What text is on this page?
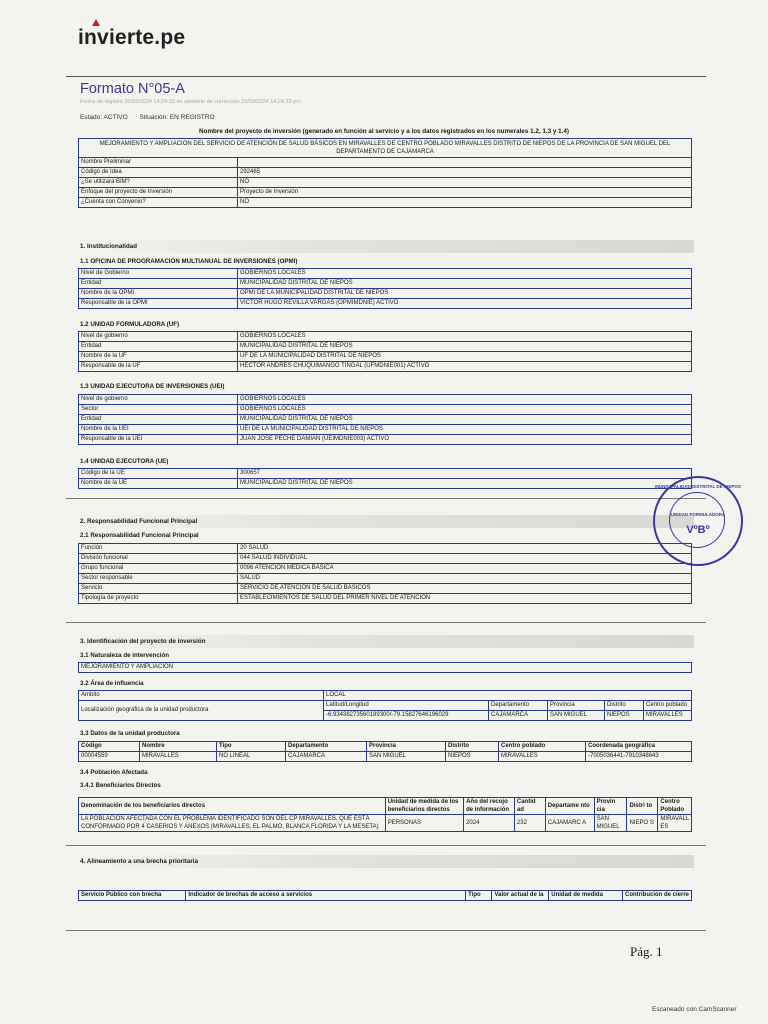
invierte.pe
Formato N°05-A
Fecha de registro 25/03/2024 14:24:33 en adelante de corrección 25/03/2024 14:24:33 pm
Estado: ACTIVO Situación: EN REGISTRO
Nombre del proyecto de inversión (generado en función al servicio y a los datos registrados en los numerales 1.2, 1.3 y 1.4)
MEJORAMIENTO Y AMPLIACION DEL SERVICIO DE ATENCIÓN DE SALUD BÁSICOS EN MIRAVALLES DE CENTRO POBLADO MIRAVALLES DISTRITO DE NIEPOS DE LA PROVINCIA DE SAN MIGUEL DEL DEPARTAMENTO DE CAJAMARCA	
Nombre Preliminar	
Código de Idea	292465
¿Se utilizará BIM?	NO
Enfoque del proyecto de Inversión	Proyecto de Inversión
¿Cuenta con Convenio?	NO
1. Institucionalidad
1.1 OFICINA DE PROGRAMACIÓN MULTIANUAL DE INVERSIONES (OPMI)
Nivel de Gobierno	GOBIERNOS LOCALES
Entidad	MUNICIPALIDAD DISTRITAL DE NIEPOS
Nombre de la OPMI	OPMI DE LA MUNICIPALIDAD DISTRITAL DE NIEPOS
Responsable de la OPMI	VICTOR HUGO REVILLA VARGAS (OPMIMDNIE) ACTIVO
1.2 UNIDAD FORMULADORA (UF)
Nivel de gobierno	GOBIERNOS LOCALES
Entidad	MUNICIPALIDAD DISTRITAL DE NIEPOS
Nombre de la UF	UF DE LA MUNICIPALIDAD DISTRITAL DE NIEPOS
Responsable de la UF	HÉCTOR ANDRÉS CHUQUIMANGO TINGAL (UFMDNIE001) ACTIVO
1.3 UNIDAD EJECUTORA DE INVERSIONES (UEI)
Nivel de gobierno	GOBIERNOS LOCALES
Sector	GOBIERNOS LOCALES
Entidad	MUNICIPALIDAD DISTRITAL DE NIEPOS
Nombre de la UEI	UEI DE LA MUNICIPALIDAD DISTRITAL DE NIEPOS
Responsable de la UEI	JUAN JOSE PECHE DAMIAN (UEIMDNIE003) ACTIVO
1.4 UNIDAD EJECUTORA (UE)
Código de la UE	300657
Nombre de la UE	MUNICIPALIDAD DISTRITAL DE NIEPOS
2. Responsabilidad Funcional Principal
2.1 Responsabilidad Funcional Principal
Función	20 SALUD
División funcional	044 SALUD INDIVIDUAL
Grupo funcional	0096 ATENCIÓN MÉDICA BÁSICA
Sector responsable	SALUD
Servicio	SERVICIO DE ATENCIÓN DE SALUD BÁSICOS
Tipología de proyecto	ESTABLECIMIENTOS DE SALUD DEL PRIMER NIVEL DE ATENCIÓN
3. Identificación del proyecto de inversión
3.1 Naturaleza de intervención
MEJORAMIENTO Y AMPLIACION
3.2 Área de influencia
Ambito	LOCAL				
Localización geográfica de la unidad productora	Latitud/Longitud	Departamento	Provincia	Distrito	Centro poblado
	-6.93438273560189300/-79.15827646196029	CAJAMARCA	SAN MIGUEL	NIEPOS	MIRAVALLES
3.3 Datos de la unidad productora
Código	Nombre	Tipo	Departamento	Provincia	Distrito	Centro poblado	Coordenada geográfica
00004559	MIRAVALLES	NO LINEAL	CAJAMARCA	SAN MIGUEL	NIEPOS	MIRAVALLES	-7005036441-7910348643
3.4 Población Afectada
3.4.1 Beneficiarios Directos
Denominación de los beneficiarios directos	Unidad de medida de los beneficiarios directos	Año del recojo de información	Cantid ad	Departame nto	Provin cia	Distri to	Centro Poblado
LA POBLACIÓN AFECTADA CON EL PROBLEMA IDENTIFICADO SON DEL CP MIRAVALLES, QUE ESTÁ CONFORMADO POR 4 CASERIOS Y ANEXOS (MIRAVALLES, EL PALMO, BLANCA FLORIDA Y LA MESETA)	PERSONAS	2024	232	CAJAMARC A	SAN MIGUEL	NIEPO S	MIRAVALL ES
4. Alineamiento a una brecha prioritaria
Servicio Público con brecha	Indicador de brechas de acceso a servicios	Tipo	Valor actual de la	Unidad de medida	Contribución de cierre
MUNICIPALIDAD DISTRITAL DE NIEPOS
UNIDAD FORMULADORA
VºBº
Pág. 1
Escaneado con CamScanner
